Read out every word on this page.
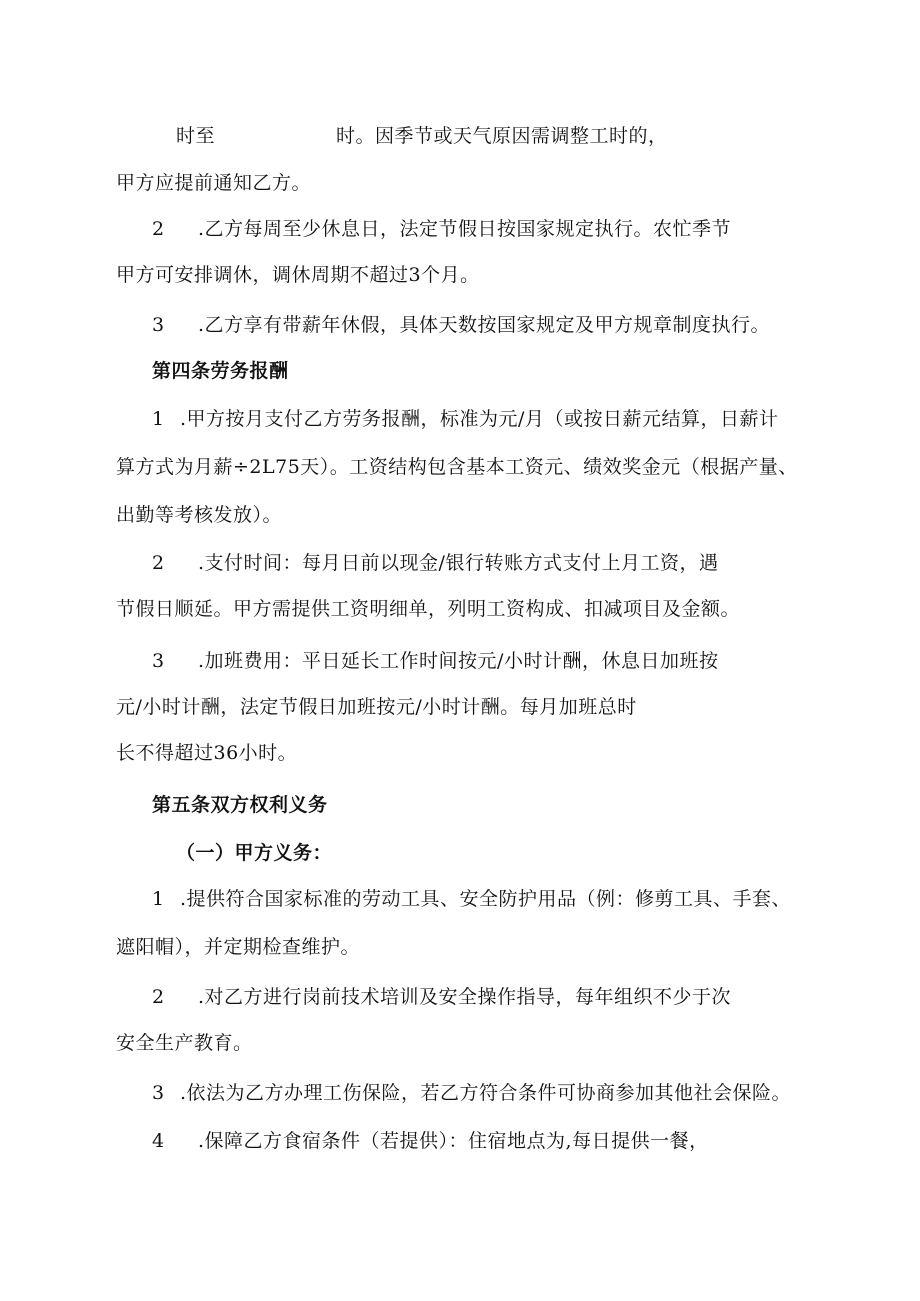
时至	时。因季节或天气原因需调整工时的，
甲方应提前通知乙方。
2 .乙方每周至少休息日，法定节假日按国家规定执行。农忙季节
甲方可安排调休，调休周期不超过3个月。
3 .乙方享有带薪年休假，具体天数按国家规定及甲方规章制度执行。
第四条劳务报酬
1 .甲方按月支付乙方劳务报酬，标准为元/月（或按日薪元结算，日薪计
算方式为月薪÷2L75天）。工资结构包含基本工资元、绩效奖金元（根据产量、
出勤等考核发放）。
2 .支付时间：每月日前以现金/银行转账方式支付上月工资，遇
节假日顺延。甲方需提供工资明细单，列明工资构成、扣减项目及金额。
3 .加班费用：平日延长工作时间按元/小时计酬，休息日加班按
元/小时计酬，法定节假日加班按元/小时计酬。每月加班总时
长不得超过36小时。
第五条双方权利义务
（一）甲方义务：
1 .提供符合国家标准的劳动工具、安全防护用品（例：修剪工具、手套、
遮阳帽），并定期检查维护。
2 .对乙方进行岗前技术培训及安全操作指导，每年组织不少于次
安全生产教育。
3 .依法为乙方办理工伤保险，若乙方符合条件可协商参加其他社会保险。
4 .保障乙方食宿条件（若提供）：住宿地点为,每日提供一餐，
